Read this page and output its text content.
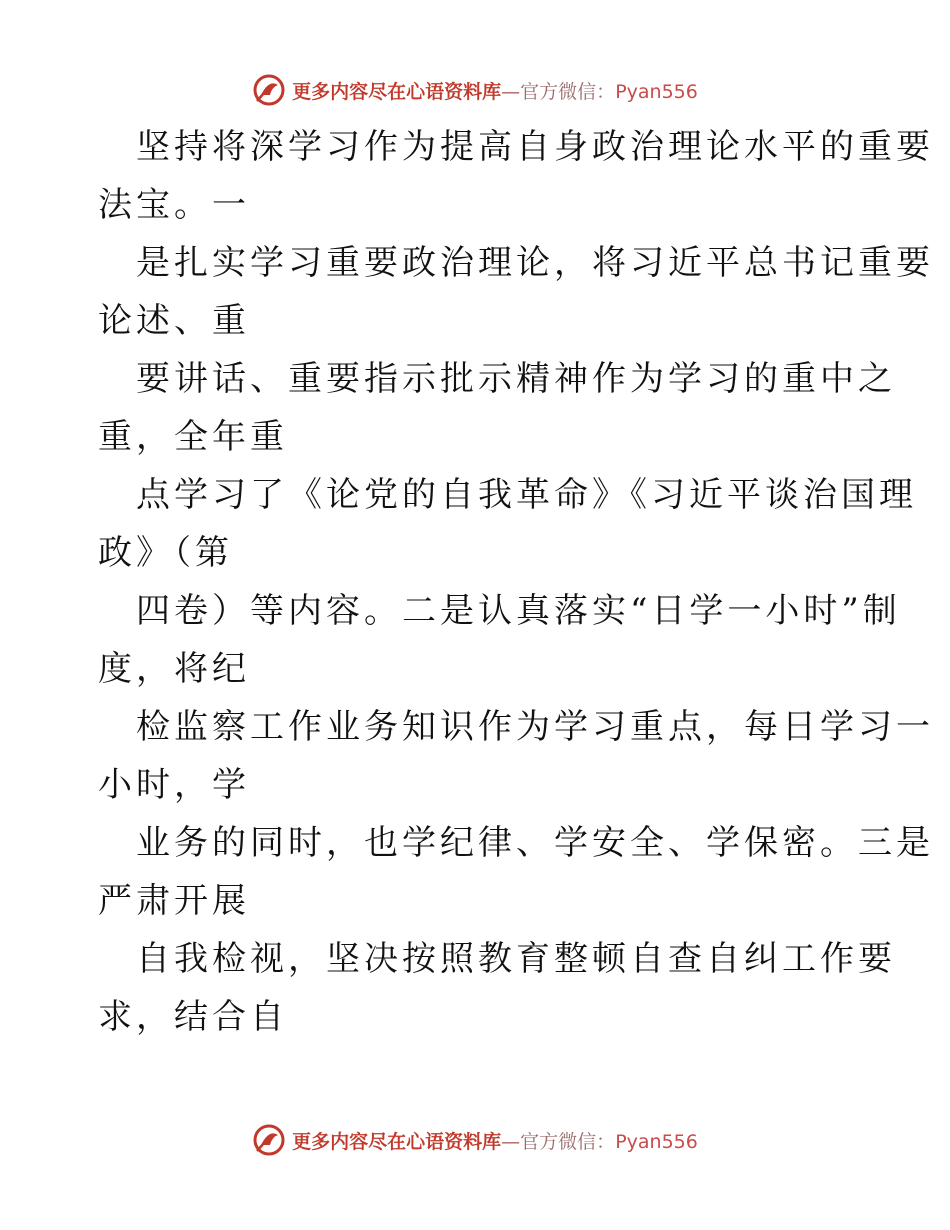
更多内容尽在心语资料库—官方微信：Pyan556
坚持将深学习作为提高自身政治理论水平的重要
法宝。一
是扎实学习重要政治理论，将习近平总书记重要
论述、重
要讲话、重要指示批示精神作为学习的重中之
重，全年重
点学习了《论党的自我革命》《习近平谈治国理
政》（第
四卷）等内容。二是认真落实“日学一小时”制
度，将纪
检监察工作业务知识作为学习重点，每日学习一
小时，学
业务的同时，也学纪律、学安全、学保密。三是
严肃开展
自我检视，坚决按照教育整顿自查自纠工作要
求，结合自
更多内容尽在心语资料库—官方微信：Pyan556
